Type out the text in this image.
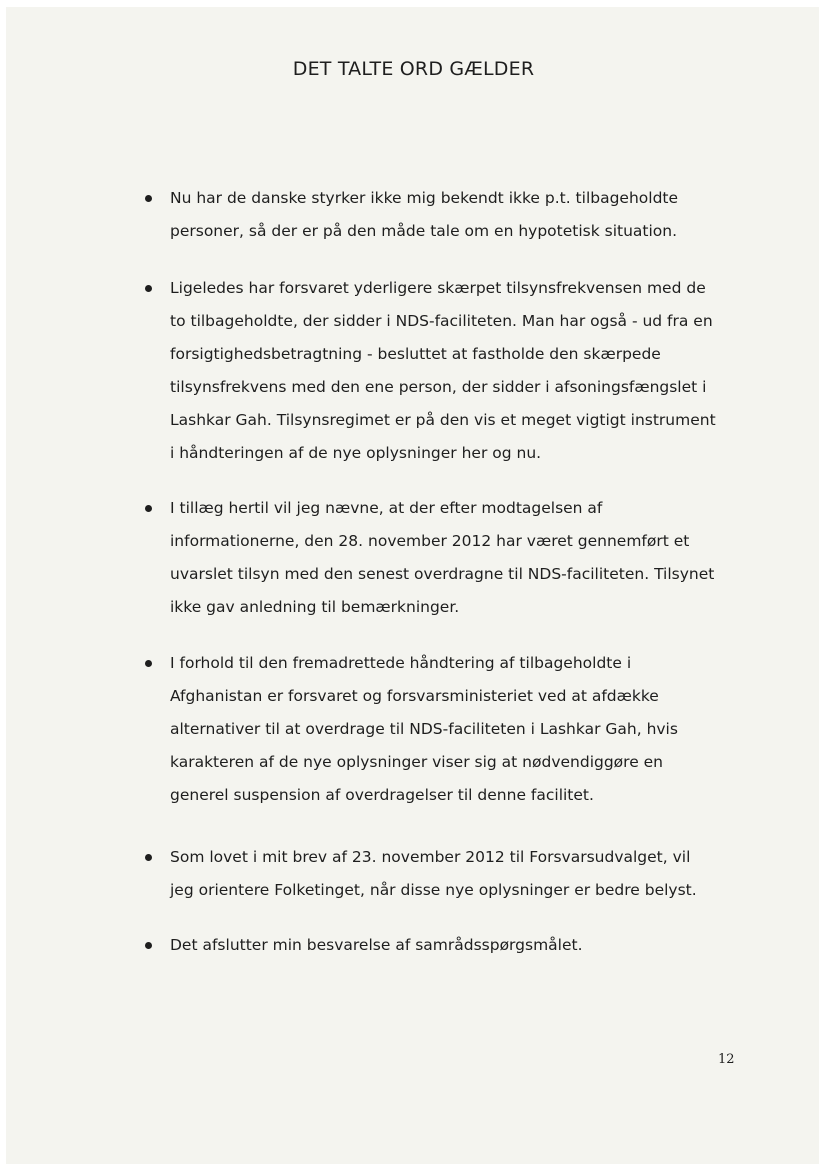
DET TALTE ORD GÆLDER
Nu har de danske styrker ikke mig bekendt ikke p.t. tilbageholdte
personer, så der er på den måde tale om en hypotetisk situation.
Ligeledes har forsvaret yderligere skærpet tilsynsfrekvensen med de
to tilbageholdte, der sidder i NDS-faciliteten. Man har også - ud fra en
forsigtighedsbetragtning - besluttet at fastholde den skærpede
tilsynsfrekvens med den ene person, der sidder i afsoningsfængslet i
Lashkar Gah. Tilsynsregimet er på den vis et meget vigtigt instrument
i håndteringen af de nye oplysninger her og nu.
I tillæg hertil vil jeg nævne, at der efter modtagelsen af
informationerne, den 28. november 2012 har været gennemført et
uvarslet tilsyn med den senest overdragne til NDS-faciliteten. Tilsynet
ikke gav anledning til bemærkninger.
I forhold til den fremadrettede håndtering af tilbageholdte i
Afghanistan er forsvaret og forsvarsministeriet ved at afdække
alternativer til at overdrage til NDS-faciliteten i Lashkar Gah, hvis
karakteren af de nye oplysninger viser sig at nødvendiggøre en
generel suspension af overdragelser til denne facilitet.
Som lovet i mit brev af 23. november 2012 til Forsvarsudvalget, vil
jeg orientere Folketinget, når disse nye oplysninger er bedre belyst.
Det afslutter min besvarelse af samrådsspørgsmålet.
12
